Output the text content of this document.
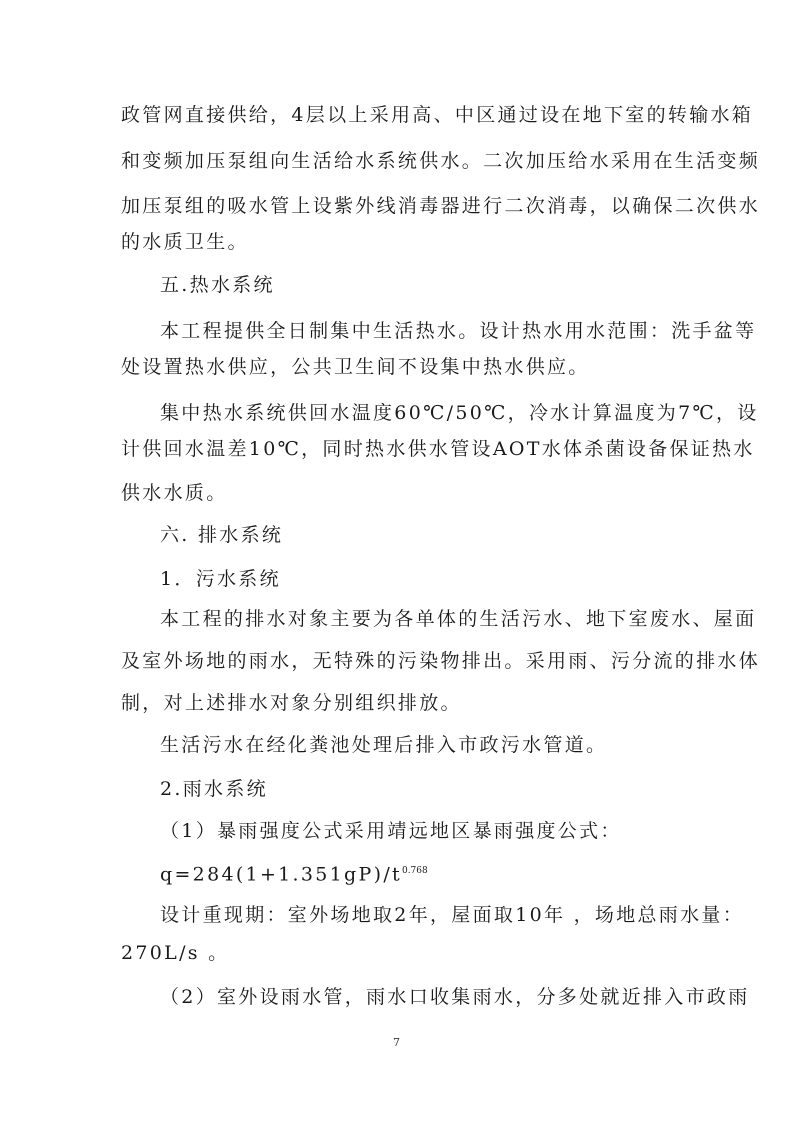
政管网直接供给，4层以上采用高、中区通过设在地下室的转输水箱
和变频加压泵组向生活给水系统供水。二次加压给水采用在生活变频
加压泵组的吸水管上设紫外线消毒器进行二次消毒，以确保二次供水
的水质卫生。
五.热水系统
本工程提供全日制集中生活热水。设计热水用水范围：洗手盆等
处设置热水供应，公共卫生间不设集中热水供应。
集中热水系统供回水温度60℃/50℃，冷水计算温度为7℃，设
计供回水温差10℃，同时热水供水管设AOT水体杀菌设备保证热水
供水水质。
六. 排水系统
1．污水系统
本工程的排水对象主要为各单体的生活污水、地下室废水、屋面
及室外场地的雨水，无特殊的污染物排出。采用雨、污分流的排水体
制，对上述排水对象分别组织排放。
生活污水在经化粪池处理后排入市政污水管道。
2.雨水系统
（1）暴雨强度公式采用靖远地区暴雨强度公式：
$q=284(1+1.351gP)/t^{0.768}$
设计重现期：室外场地取2年，屋面取10年 ，场地总雨水量：
270L/s 。
（2）室外设雨水管，雨水口收集雨水，分多处就近排入市政雨
7
